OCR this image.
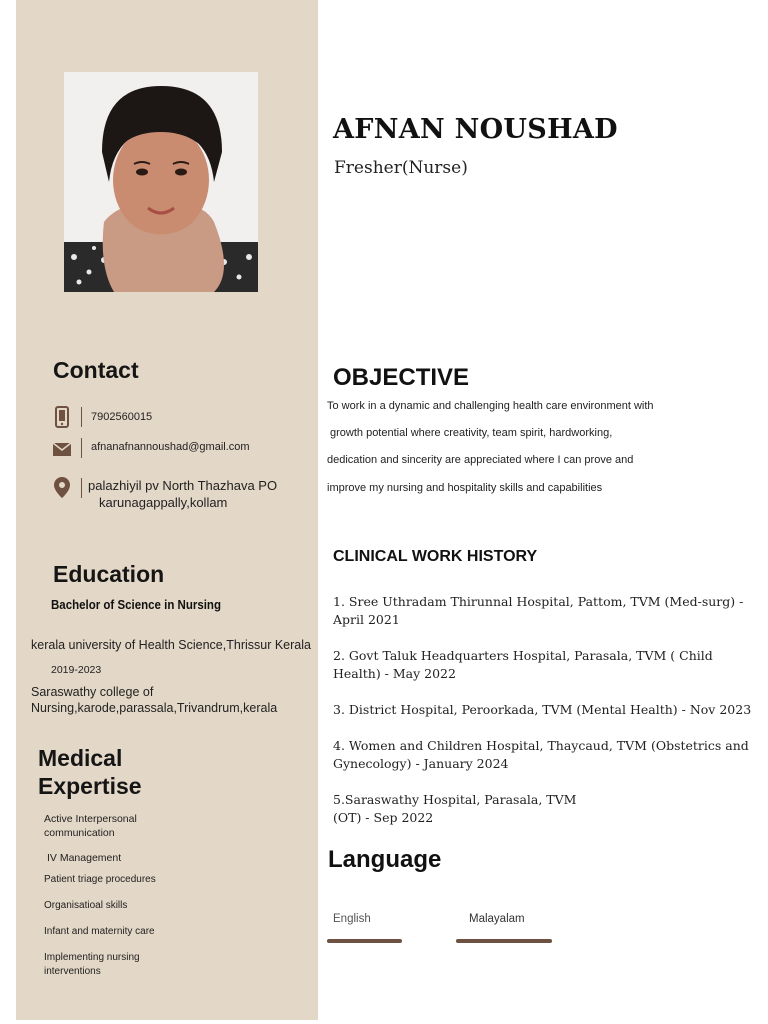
AFNAN NOUSHAD
Fresher(Nurse)
Contact
7902560015
afnanafnannoushad@gmail.com
palazhiyil pv North Thazhava PO
karunagappally,kollam
Education
Bachelor of Science in Nursing
kerala university of Health Science,Thrissur Kerala
2019-2023
Saraswathy college of
Nursing,karode,parassala,Trivandrum,kerala
Medical
Expertise
Active Interpersonal
communication
IV Management
Patient triage procedures
Organisatioal skills
Infant and maternity care
Implementing nursing
interventions
OBJECTIVE
To work in a dynamic and challenging health care environment with
growth potential where creativity, team spirit, hardworking,
dedication and sincerity are appreciated where I can prove and
improve my nursing and hospitality skills and capabilities
CLINICAL WORK HISTORY
1. Sree Uthradam Thirunnal Hospital, Pattom, TVM (Med-surg) -
April 2021
2. Govt Taluk Headquarters Hospital, Parasala, TVM ( Child
Health) - May 2022
3. District Hospital, Peroorkada, TVM (Mental Health) - Nov 2023
4. Women and Children Hospital, Thaycaud, TVM (Obstetrics and
Gynecology) - January 2024
5.Saraswathy Hospital, Parasala, TVM
(OT) - Sep 2022
Language
English	Malayalam
